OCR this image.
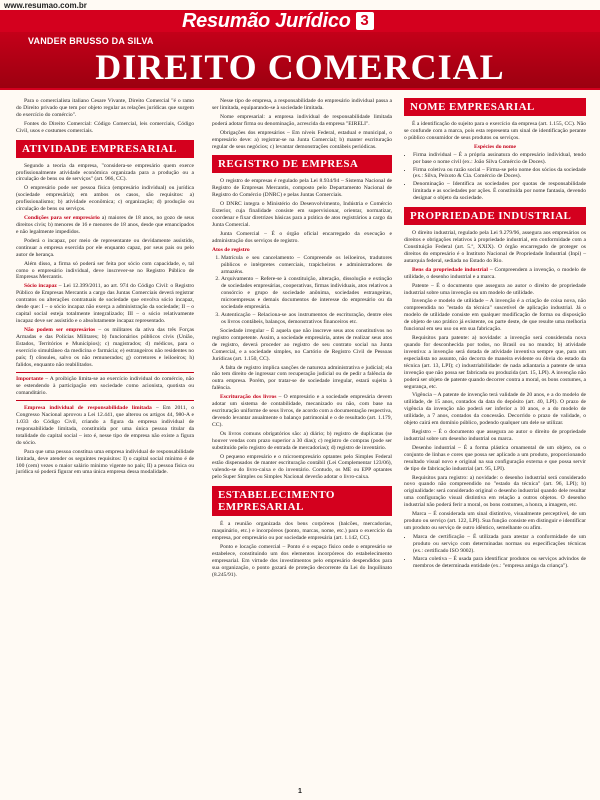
www.resumao.com.br
Resumão Jurídico 3
VANDER BRUSSO DA SILVA
DIREITO COMERCIAL

Para o comercialista italiano Cesare Vivante, Direito Comercial "é o ramo do Direito privado que tem por objeto regular as relações jurídicas que surgem do exercício do comércio".

Fontes do Direito Comercial: Código Comercial, leis comerciais, Código Civil, usos e costumes comerciais.

ATIVIDADE EMPRESARIAL

Segundo a teoria da empresa, "considera-se empresário quem exerce profissionalmente atividade econômica organizada para a produção ou a circulação de bens ou de serviços" (art. 966, CC).

O empresário pode ser pessoa física (empresário individual) ou jurídica (sociedade empresária); em ambos os casos, são requisitos: a) profissionalismo; b) atividade econômica; c) organização; d) produção ou circulação de bens ou serviços.

Condições para ser empresário a) maiores de 18 anos, no gozo de seus direitos civis; b) menores de 16 e menores de 18 anos, desde que emancipados e não legalmente impedidos.

Poderá o incapaz, por meio de representante ou devidamente assistido, continuar a empresa exercida por ele enquanto capaz, por seus pais ou pelo autor de herança.

Além disso, a firma só poderá ser feita por sócio com capacidade, e, tal como o empresário individual, deve inscrever-se no Registro Público de Empresas Mercantis.

Sócio incapaz – Lei 12.399/2011, ao art. 974 do Código Civil: o Registro Público de Empresas Mercantis a cargo das Juntas Comerciais deverá registrar contratos ou alterações contratuais de sociedade que envolva sócio incapaz, desde que: I – o sócio incapaz não exerça a administração da sociedade; II – o capital social esteja totalmente integralizado; III – o sócio relativamente incapaz deve ser assistido e o absolutamente incapaz representado.

Não podem ser empresários – os militares da ativa das três Forças Armadas e das Polícias Militares; b) funcionários públicos civis (União, Estados, Territórios e Municípios); c) magistrados; d) médicos, para o exercício simultâneo da medicina e farmácia; e) estrangeiros não residentes no país; f) cônsules, salvo os não remunerados; g) corretores e leiloeiros; h) falidos, enquanto não reabilitados.

Importante – A proibição limita-se ao exercício individual do comércio, não se estendendo à participação em sociedade como acionista, quotista ou comanditário.

Empresa individual de responsabilidade limitada – Em 2011, o Congresso Nacional aprovou a Lei 12.441, que alterou os artigos 44, 980-A e 1.033 do Código Civil, criando a figura da empresa individual de responsabilidade limitada, constituída por uma única pessoa titular da totalidade do capital social – isto é, nesse tipo de empresa não existe a figura do sócio.

Para que uma pessoa constitua uma empresa individual de responsabilidade limitada, deve atender os seguintes requisitos: I) o capital social mínimo é de 100 (cem) vezes o maior salário mínimo vigente no país; II) a pessoa física ou jurídica só poderá figurar em uma única empresa dessa modalidade.

Nesse tipo de empresa, a responsabilidade do empresário individual passa a ser limitada, equiparando-se à sociedade limitada.

Nome empresarial: a empresa individual de responsabilidade limitada poderá adotar firma ou denominação, acrescida da empresa "EIRELI".

Obrigações dos empresários – Em níveis Federal, estadual e municipal, o empresário deve: a) registrar-se na Junta Comercial; b) manter escrituração regular de seus negócios; c) levantar demonstrações contábeis periódicas.

REGISTRO DE EMPRESA

O registro de empresas é regulado pela Lei 8.934/94 – Sistema Nacional de Registro de Empresas Mercantis, composto pelo Departamento Nacional de Registro do Comércio (DNRC) e pelas Juntas Comerciais.

O DNRC integra o Ministério do Desenvolvimento, Indústria e Comércio Exterior, cuja finalidade consiste em supervisionar, orientar, normatizar, coordenar e fixar diretrizes básicas para a prática de atos registrários a cargo da Junta Comercial.

Junta Comercial – É o órgão oficial encarregado da execução e administração dos serviços de registro.

Atos de registro
1. Matrícula e seu cancelamento – Compreende os leiloeiros, tradutores públicos e intérpretes comerciais, trapicheiros e administradores de armazéns.
2. Arquivamento – Refere-se à constituição, alteração, dissolução e extinção de sociedades empresárias, cooperativas, firmas individuais, atos relativos a consórcio e grupo de sociedade anônima, sociedades estrangeiras, microempresas e demais documentos de interesse do empresário ou da sociedade empresária.
3. Autenticação – Relaciona-se aos instrumentos de escrituração, dentre eles os livros contábeis, balanços, demonstrativos financeiros etc.

Sociedade irregular – É aquela que não inscreve seus atos constitutivos no registro competente. Assim, a sociedade empresária, antes de realizar seus atos de registro, deverá proceder ao registro de seu contrato social na Junta Comercial, e a sociedade simples, no Cartório de Registro Civil de Pessoas Jurídicas (art. 1.150, CC).

A falta de registro implica sanções de natureza administrativa e judicial; ela não tem direito de ingressar com recuperação judicial ou de pedir a falência de outra empresa. Porém, por tratar-se de sociedade irregular, estará sujeita à falência.

Escrituração dos livros – O empresário e a sociedade empresária devem adotar um sistema de contabilidade, mecanizado ou não, com base na escrituração uniforme de seus livros, de acordo com a documentação respectiva, devendo levantar anualmente o balanço patrimonial e o de resultado (art. 1.179, CC).

Os livros comuns obrigatórios são: a) diário; b) registro de duplicatas (se houver vendas com prazo superior a 30 dias); c) registro de compras (pode ser substituído pelo registro de entrada de mercadorias); d) registro de inventário.

O pequeno empresário e o microempresário optantes pelo Simples Federal estão dispensados de manter escrituração contábil (Lei Complementar 123/06), valendo-se do livro-caixa e do inventário. Contudo, os ME ou EPP optantes pelo Super Simples ou Simples Nacional deverão adotar o livro-caixa.

ESTABELECIMENTO EMPRESARIAL

É a reunião organizada dos bens corpóreos (balcões, mercadorias, maquinário, etc.) e incorpóreos (ponto, marcas, nome, etc.) para o exercício da empresa, por empresário ou por sociedade empresária (art. 1.142, CC).

Ponto e locação comercial – Ponto é o espaço físico onde o empresário se estabelece, constituindo um dos elementos incorpóreos do estabelecimento empresarial. Em virtude dos investimentos pelo empresário despendidos para sua organização, o ponto gozará de proteção decorrente da Lei do Inquilinato (8.245/91).

NOME EMPRESARIAL

É a identificação do sujeito para o exercício da empresa (art. 1.155, CC). Não se confunde com a marca, pois esta representa um sinal de identificação perante o público consumidor de seus produtos ou serviços.

Espécies do nome
• Firma individual – É a própria assinatura do empresário individual, tendo por base o nome civil (ex.: João Silva Comércio de Doces).
• Firma coletiva ou razão social – Firma-se pelo nome dos sócios da sociedade (ex.: Silva, Peixoto & Cia. Comércio de Doces).
• Denominação – Identifica as sociedades por quotas de responsabilidade limitada e as sociedades por ações. É constituída por nome fantasia, devendo designar o objeto da sociedade.
PROPRIEDADE INDUSTRIAL

O direito industrial, regulado pela Lei 9.279/96, assegura aos empresários os direitos e obrigações relativos à propriedade industrial, em conformidade com a Constituição Federal (art. 5.º, XXIX). O órgão encarregado de proteger os direitos do empresário é o Instituto Nacional de Propriedade Industrial (Inpi) – autarquia federal, sediada no Estado do Rio.

Bens da propriedade industrial – Compreendem a invenção, o modelo de utilidade, o desenho industrial e a marca.

Patente – É o documento que assegura ao autor o direito de propriedade industrial sobre uma invenção ou um modelo de utilidade.

Invenção e modelo de utilidade – A invenção é a criação de coisa nova, não compreendida no "estado da técnica" suscetível de aplicação industrial. Já o modelo de utilidade consiste em qualquer modificação de forma ou disposição de objeto de uso prático já existente, ou parte deste, de que resulte uma melhoria funcional em seu uso ou em sua fabricação.

Requisitos para patente: a) novidade: a invenção será considerada nova quando for desconhecida por todos, no Brasil ou no mundo; b) atividade inventiva: a invenção será dotada de atividade inventiva sempre que, para um especialista no assunto, não decorra de maneira evidente ou óbvia do estado da técnica (art. 13, LPI); c) industriabilidade: de nada adiantaria a patente de uma invenção que não possa ser fabricada ou produzida (art. 15, LPI). A invenção não poderá ser objeto de patente quando decorrer contra a moral, os bons costumes, a segurança, etc.

Vigência – A patente de invenção terá validade de 20 anos, e a do modelo de utilidade, de 15 anos, contados da data do depósito (art. 40, LPI). O prazo de vigência da invenção não poderá ser inferior a 10 anos, e a do modelo de utilidade, a 7 anos, contados da concessão. Decorrido o prazo de validade, o objeto cairá em domínio público, podendo qualquer um dele se utilizar.

Registro – É o documento que assegura ao autor o direito de propriedade industrial sobre um desenho industrial ou marca.

Desenho industrial – É a forma plástica ornamental de um objeto, ou o conjunto de linhas e cores que possa ser aplicado a um produto, proporcionando resultado visual novo e original na sua configuração externa e que possa servir de tipo de fabricação industrial (art. 95, LPI).

Requisitos para registro: a) novidade: o desenho industrial será considerado novo quando não compreendido no "estado da técnica" (art. 96, LPI); b) originalidade: será considerado original o desenho industrial quando dele resultar uma configuração visual distintiva em relação a outros objetos. O desenho industrial não poderá ferir a moral, os bons costumes, a honra, a imagem, etc.

Marca – É considerada um sinal distintivo, visualmente perceptível, de um produto ou serviço (art. 122, LPI). Sua função consiste em distinguir e identificar um produto ou serviço de outro idêntico, semelhante ou afim.

• Marca de certificação – É utilizada para atestar a conformidade de um produto ou serviço com determinadas normas ou especificações técnicas (ex.: certificado ISO 9002).
• Marca coletiva – É usada para identificar produtos ou serviços advindos de membros de determinada entidade (ex.: "empresa amiga da criança").
1
